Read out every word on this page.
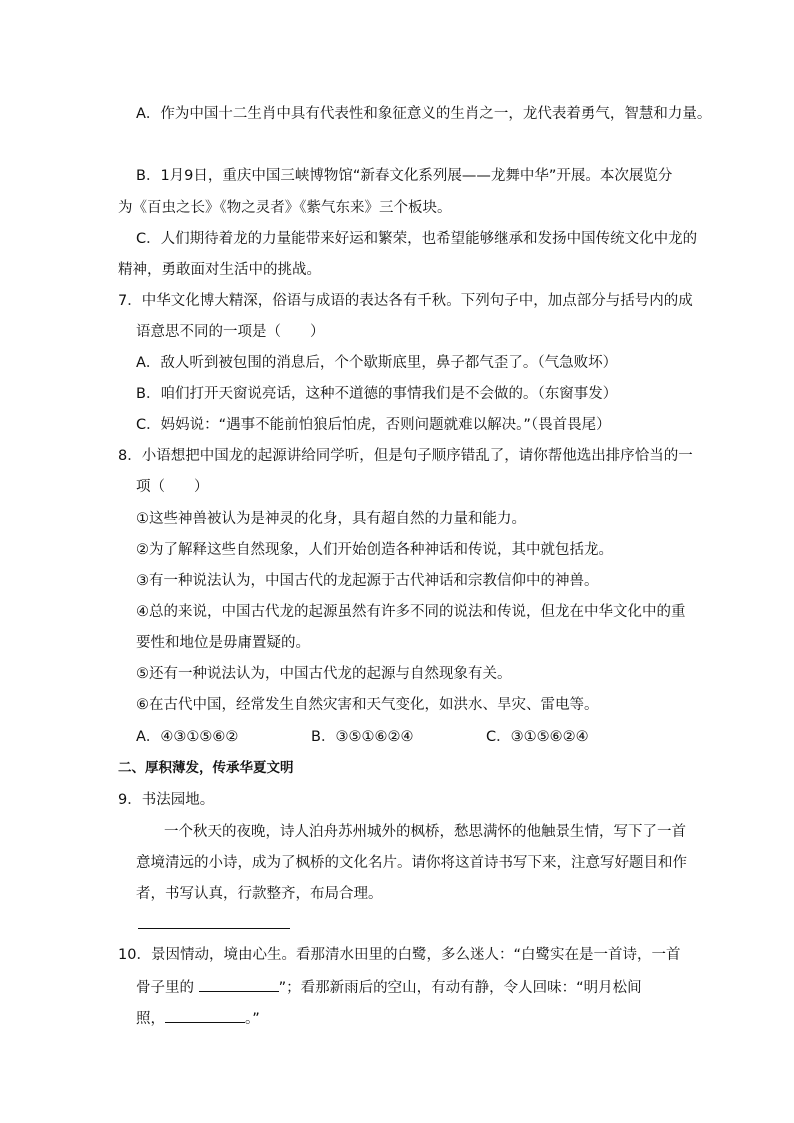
A．作为中国十二生肖中具有代表性和象征意义的生肖之一，龙代表着勇气，智慧和力量。
B．1月9日，重庆中国三峡博物馆“新春文化系列展——龙舞中华”开展。本次展览分
为《百虫之长》《物之灵者》《紫气东来》三个板块。
C．人们期待着龙的力量能带来好运和繁荣，也希望能够继承和发扬中国传统文化中龙的
精神，勇敢面对生活中的挑战。
7．中华文化博大精深，俗语与成语的表达各有千秋。下列句子中，加点部分与括号内的成
语意思不同的一项是（　　）
A．敌人听到被包围的消息后，个个歇斯底里，鼻子都气歪了。（气急败坏）
B．咱们打开天窗说亮话，这种不道德的事情我们是不会做的。（东窗事发）
C．妈妈说：“遇事不能前怕狼后怕虎，否则问题就难以解决。”（畏首畏尾）
8．小语想把中国龙的起源讲给同学听，但是句子顺序错乱了，请你帮他选出排序恰当的一
项（　　）
①这些神兽被认为是神灵的化身，具有超自然的力量和能力。
②为了解释这些自然现象，人们开始创造各种神话和传说，其中就包括龙。
③有一种说法认为，中国古代的龙起源于古代神话和宗教信仰中的神兽。
④总的来说，中国古代龙的起源虽然有许多不同的说法和传说，但龙在中华文化中的重
要性和地位是毋庸置疑的。
⑤还有一种说法认为，中国古代龙的起源与自然现象有关。
⑥在古代中国，经常发生自然灾害和天气变化，如洪水、旱灾、雷电等。
A．④③①⑤⑥②	B．③⑤①⑥②④	C．③①⑤⑥②④
二、厚积薄发，传承华夏文明
9．书法园地。
一个秋天的夜晚，诗人泊舟苏州城外的枫桥，愁思满怀的他触景生情，写下了一首
意境清远的小诗，成为了枫桥的文化名片。请你将这首诗书写下来，注意写好题目和作
者，书写认真，行款整齐，布局合理。
10．景因情动，境由心生。看那清水田里的白鹭，多么迷人：“白鹭实在是一首诗，一首
骨子里的	”；看那新雨后的空山，有动有静，令人回味：“明月松间
照，	。”
